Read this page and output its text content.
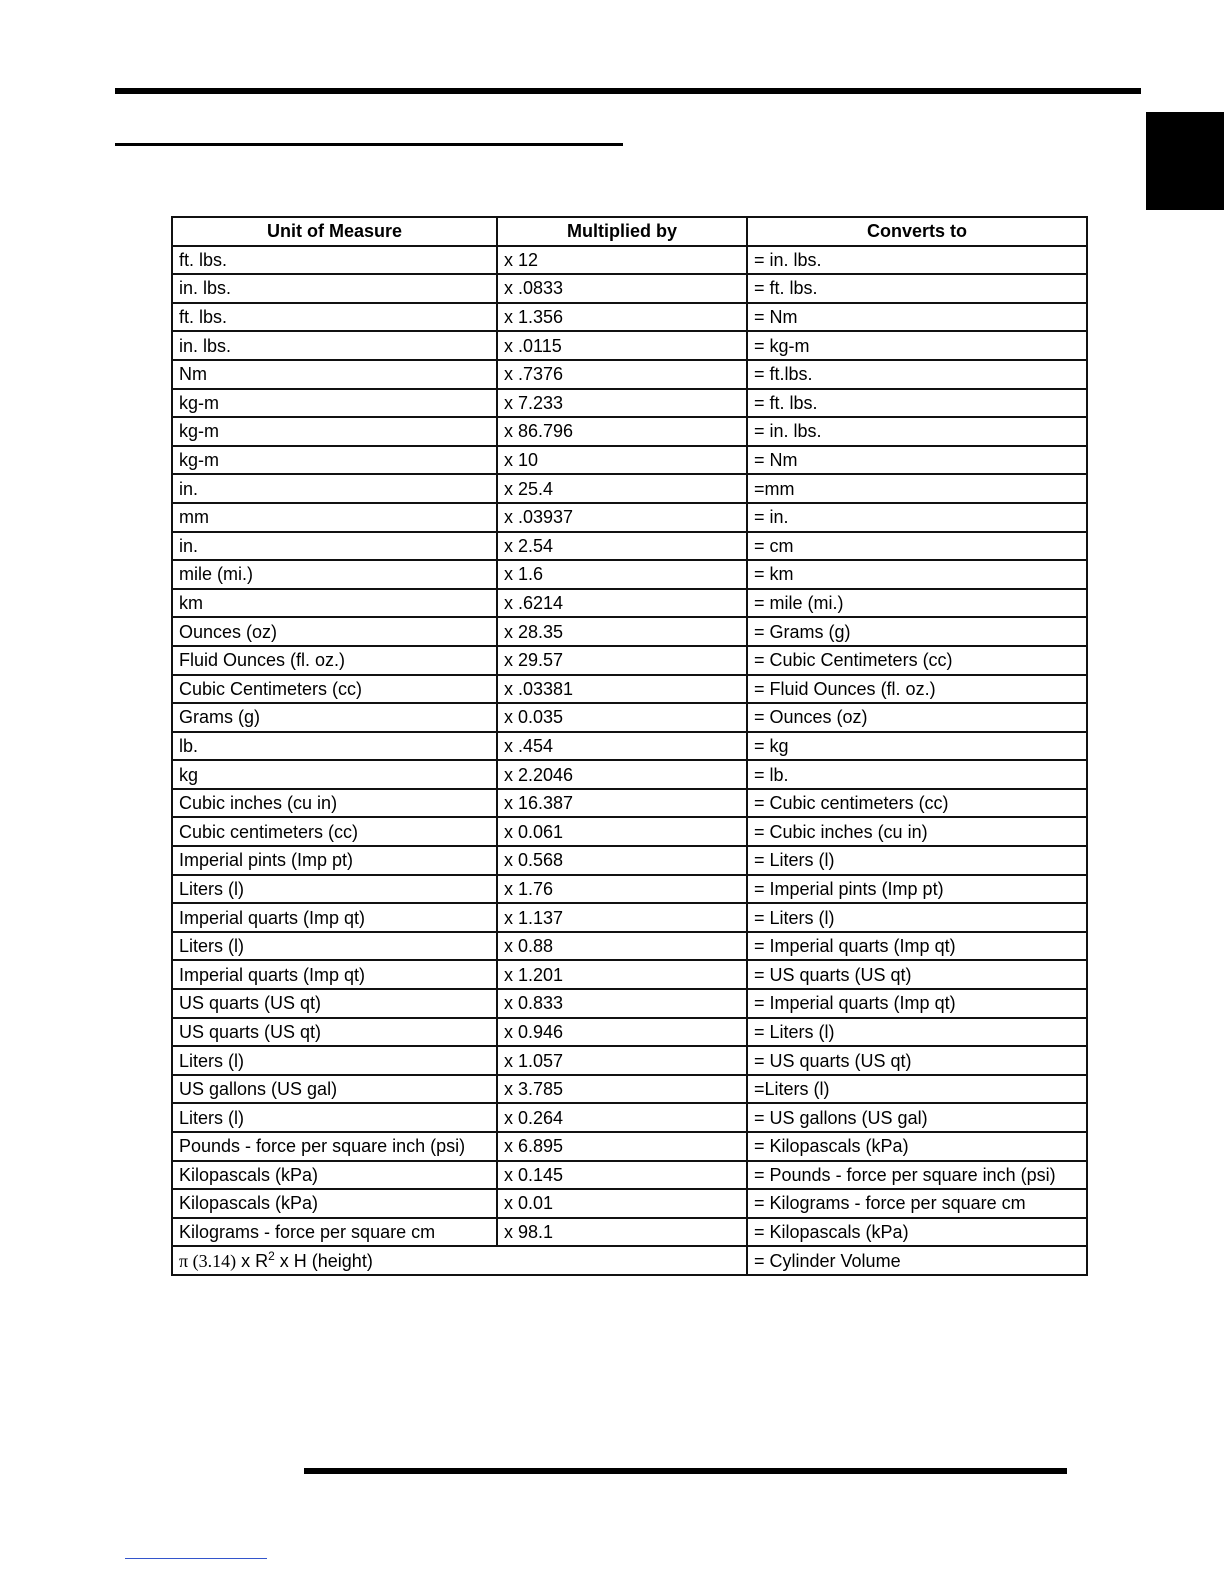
Unit of Measure	Multiplied by	Converts to
ft. lbs.	x 12	= in. lbs.
in. lbs.	x .0833	= ft. lbs.
ft. lbs.	x 1.356	= Nm
in. lbs.	x .0115	= kg-m
Nm	x .7376	= ft.lbs.
kg-m	x 7.233	= ft. lbs.
kg-m	x 86.796	= in. lbs.
kg-m	x 10	= Nm
in.	x 25.4	=mm
mm	x .03937	= in.
in.	x 2.54	= cm
mile (mi.)	x 1.6	= km
km	x .6214	= mile (mi.)
Ounces (oz)	x 28.35	= Grams (g)
Fluid Ounces (fl. oz.)	x 29.57	= Cubic Centimeters (cc)
Cubic Centimeters (cc)	x .03381	= Fluid Ounces (fl. oz.)
Grams (g)	x 0.035	= Ounces (oz)
lb.	x .454	= kg
kg	x 2.2046	= lb.
Cubic inches (cu in)	x 16.387	= Cubic centimeters (cc)
Cubic centimeters (cc)	x 0.061	= Cubic inches (cu in)
Imperial pints (Imp pt)	x 0.568	= Liters (l)
Liters (l)	x 1.76	= Imperial pints (Imp pt)
Imperial quarts (Imp qt)	x 1.137	= Liters (l)
Liters (l)	x 0.88	= Imperial quarts (Imp qt)
Imperial quarts (Imp qt)	x 1.201	= US quarts (US qt)
US quarts (US qt)	x 0.833	= Imperial quarts (Imp qt)
US quarts (US qt)	x 0.946	= Liters (l)
Liters (l)	x 1.057	= US quarts (US qt)
US gallons (US gal)	x 3.785	=Liters (l)
Liters (l)	x 0.264	= US gallons (US gal)
Pounds - force per square inch (psi)	x 6.895	= Kilopascals (kPa)
Kilopascals (kPa)	x 0.145	= Pounds - force per square inch (psi)
Kilopascals (kPa)	x 0.01	= Kilograms - force per square cm
Kilograms - force per square cm	x 98.1	= Kilopascals (kPa)
π (3.14) x $R^2$ x H (height)		= Cylinder Volume
